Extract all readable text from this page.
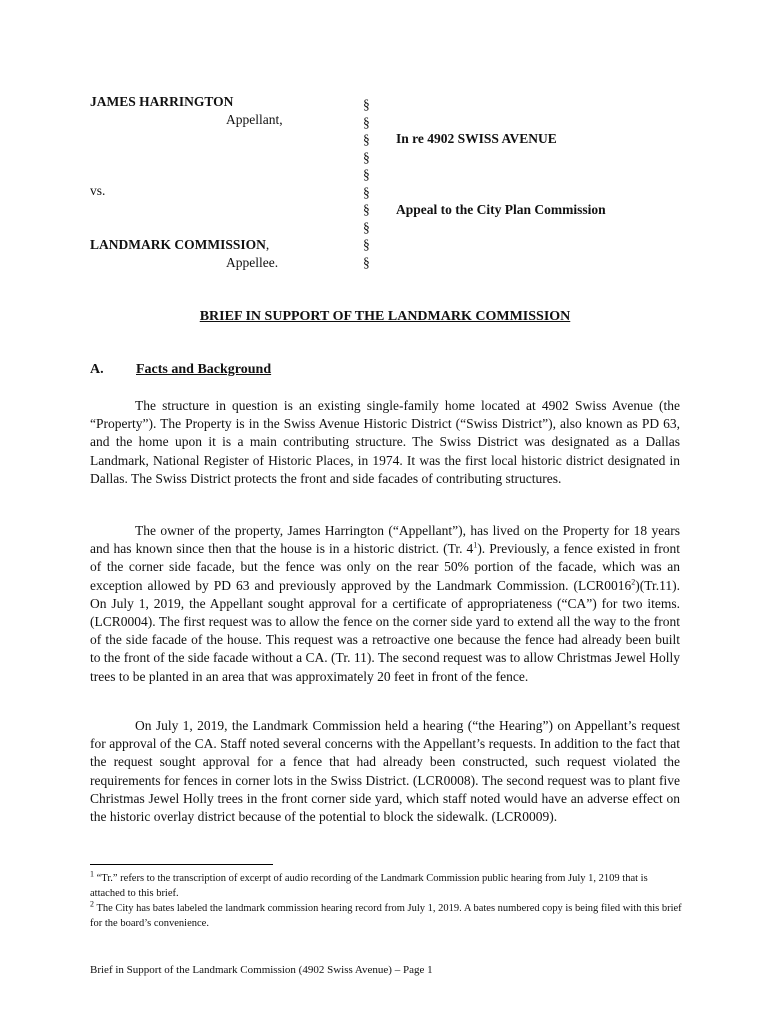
JAMES HARRINGTON
Appellant,
vs.
LANDMARK COMMISSION,
Appellee.
§
§
§
§
§
§
§
§
§
§
In re 4902 SWISS AVENUE
Appeal to the City Plan Commission
BRIEF IN SUPPORT OF THE LANDMARK COMMISSION
A. Facts and Background

The structure in question is an existing single-family home located at 4902 Swiss Avenue (the “Property”). The Property is in the Swiss Avenue Historic District (“Swiss District”), also known as PD 63, and the home upon it is a main contributing structure. The Swiss District was designated as a Dallas Landmark, National Register of Historic Places, in 1974. It was the first local historic district designated in Dallas. The Swiss District protects the front and side facades of contributing structures.

The owner of the property, James Harrington (“Appellant”), has lived on the Property for 18 years and has known since then that the house is in a historic district. (Tr. $4^1$). Previously, a fence existed in front of the corner side facade, but the fence was only on the rear 50% portion of the facade, which was an exception allowed by PD 63 and previously approved by the Landmark Commission. (LCR0016$^2$)(Tr.11). On July 1, 2019, the Appellant sought approval for a certificate of appropriateness (“CA”) for two items. (LCR0004). The first request was to allow the fence on the corner side yard to extend all the way to the front of the side facade of the house. This request was a retroactive one because the fence had already been built to the front of the side facade without a CA. (Tr. 11). The second request was to allow Christmas Jewel Holly trees to be planted in an area that was approximately 20 feet in front of the fence.

On July 1, 2019, the Landmark Commission held a hearing (“the Hearing”) on Appellant’s request for approval of the CA. Staff noted several concerns with the Appellant’s requests. In addition to the fact that the request sought approval for a fence that had already been constructed, such request violated the requirements for fences in corner lots in the Swiss District. (LCR0008). The second request was to plant five Christmas Jewel Holly trees in the front corner side yard, which staff noted would have an adverse effect on the historic overlay district because of the potential to block the sidewalk. (LCR0009).

$^1$ “Tr.” refers to the transcription of excerpt of audio recording of the Landmark Commission public hearing from July 1, 2109 that is attached to this brief.

$^2$ The City has bates labeled the landmark commission hearing record from July 1, 2019. A bates numbered copy is being filed with this brief for the board’s convenience.

Brief in Support of the Landmark Commission (4902 Swiss Avenue) – Page 1
